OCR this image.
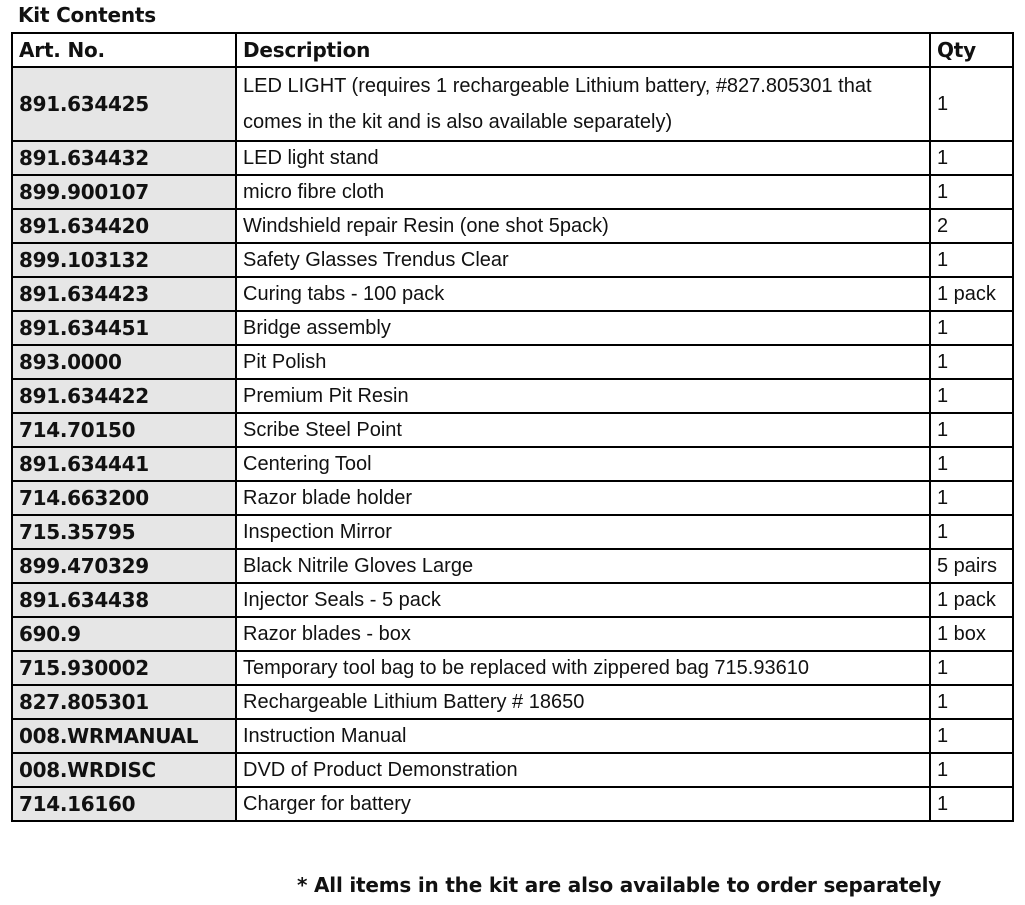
Kit Contents
Art. No.	Description	Qty
891.634425	LED LIGHT (requires 1 rechargeable Lithium battery, #827.805301 that comes in the kit and is also available separately)	1
891.634432	LED light stand	1
899.900107	micro fibre cloth	1
891.634420	Windshield repair Resin (one shot 5pack)	2
899.103132	Safety Glasses Trendus Clear	1
891.634423	Curing tabs - 100 pack	1 pack
891.634451	Bridge assembly	1
893.0000	Pit Polish	1
891.634422	Premium Pit Resin	1
714.70150	Scribe Steel Point	1
891.634441	Centering Tool	1
714.663200	Razor blade holder	1
715.35795	Inspection Mirror	1
899.470329	Black Nitrile Gloves Large	5 pairs
891.634438	Injector Seals - 5 pack	1 pack
690.9	Razor blades - box	1 box
715.930002	Temporary tool bag to be replaced with zippered bag 715.93610	1
827.805301	Rechargeable Lithium Battery # 18650	1
008.WRMANUAL	Instruction Manual	1
008.WRDISC	DVD of Product Demonstration	1
714.16160	Charger for battery	1
* All items in the kit are also available to order separately
